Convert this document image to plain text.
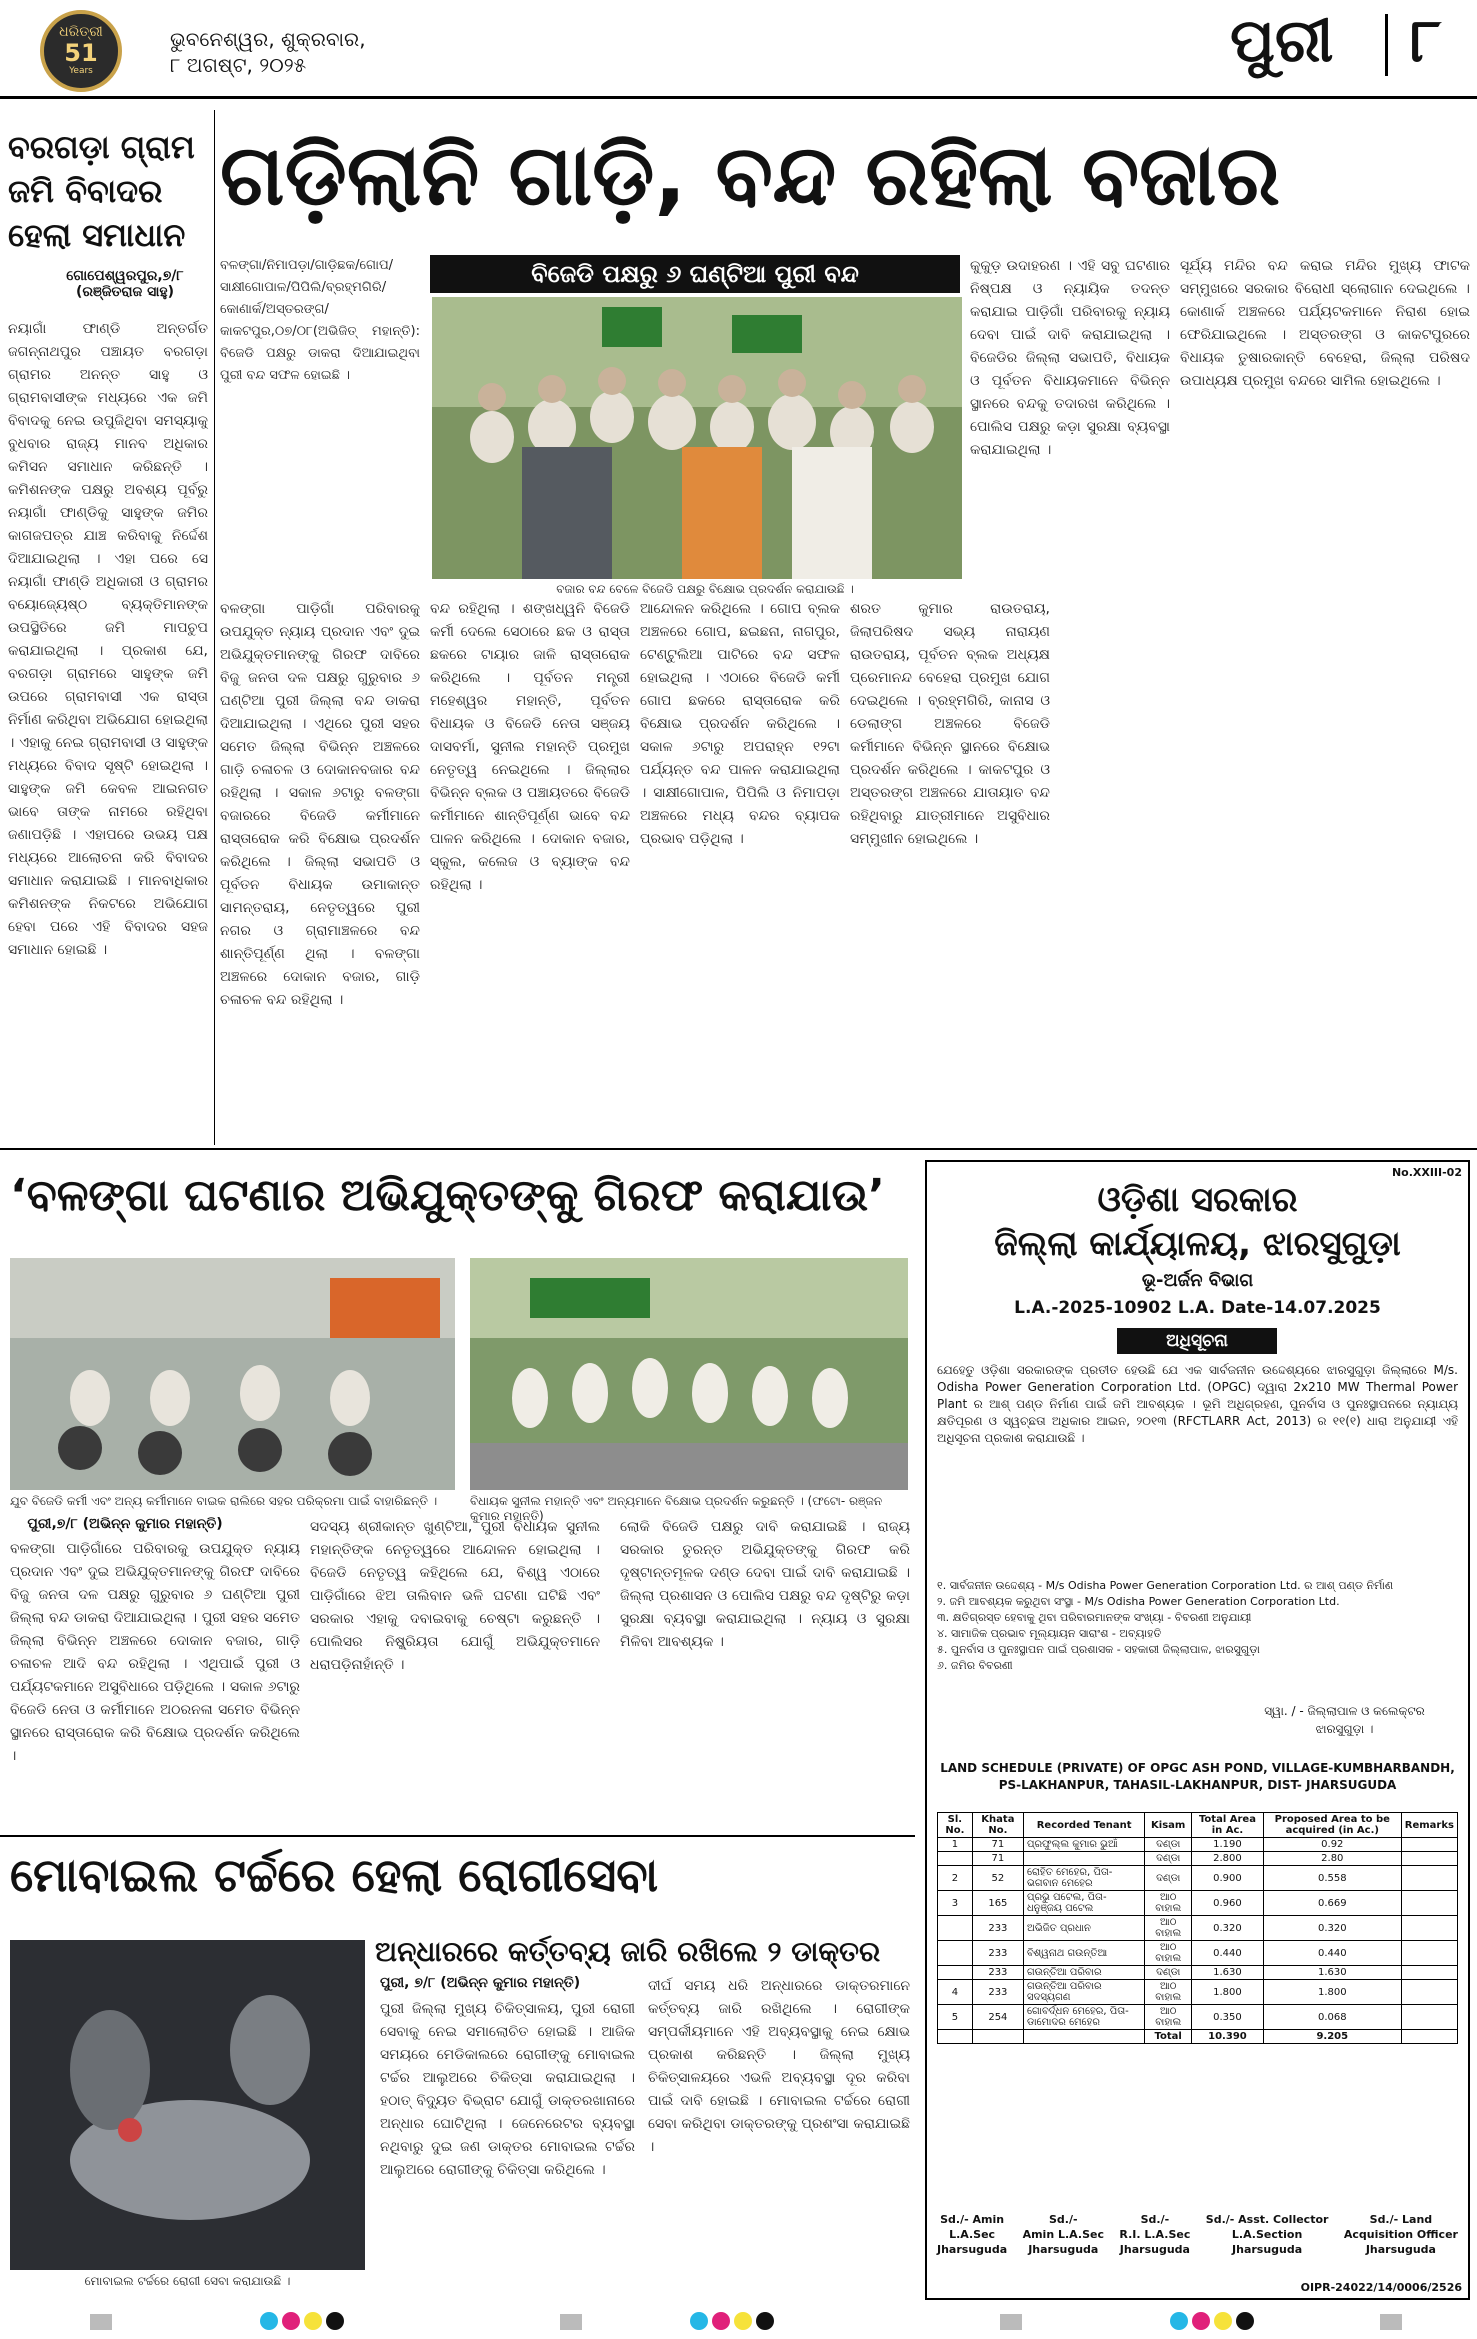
ଧରିତ୍ରୀ
51
Years
ଭୁବନେଶ୍ୱର, ଶୁକ୍ରବାର,
୮ ଅଗଷ୍ଟ, ୨୦୨୫	ପୁରୀ ୮
ବରଗଡ଼ା ଗ୍ରାମ ଜମି ବିବାଦର ହେଲା ସମାଧାନ
ଗୋପେଶ୍ୱରପୁର,୭/୮ (ରଞ୍ଜିତରାଜ ସାହୁ)
ନୟାଗାଁ ଫାଣ୍ଡି ଅନ୍ତର୍ଗତ ଜଗନ୍ନାଥପୁର ପଞ୍ଚାୟତ ବରଗଡ଼ା ଗ୍ରାମର ଅନନ୍ତ ସାହୁ ଓ ଗ୍ରାମବାସୀଙ୍କ ମଧ୍ୟରେ ଏକ ଜମି ବିବାଦକୁ ନେଇ ଉପୁଜିଥିବା ସମସ୍ୟାକୁ ବୁଧବାର ରାଜ୍ୟ ମାନବ ଅଧିକାର କମିସନ ସମାଧାନ କରିଛନ୍ତି । କମିଶନଙ୍କ ପକ୍ଷରୁ ଅବଶ୍ୟ ପୂର୍ବରୁ ନୟାଗାଁ ଫାଣ୍ଡିକୁ ସାହୁଙ୍କ ଜମିର କାଗଜପତ୍ର ଯାଞ୍ଚ କରିବାକୁ ନିର୍ଦ୍ଦେଶ ଦିଆଯାଇଥିଲା । ଏହା ପରେ ସେ ନୟାଗାଁ ଫାଣ୍ଡି ଅଧିକାରୀ ଓ ଗ୍ରାମର ବୟୋଜ୍ୟେଷ୍ଠ ବ୍ୟକ୍ତିମାନଙ୍କ ଉପସ୍ଥିତିରେ ଜମି ମାପଚୁପ କରାଯାଇଥିଲା । ପ୍ରକାଶ ଯେ, ବରଗଡ଼ା ଗ୍ରାମରେ ସାହୁଙ୍କ ଜମି ଉପରେ ଗ୍ରାମବାସୀ ଏକ ରାସ୍ତା ନିର୍ମାଣ କରିଥିବା ଅଭିଯୋଗ ହୋଇଥିଲା । ଏହାକୁ ନେଇ ଗ୍ରାମବାସୀ ଓ ସାହୁଙ୍କ ମଧ୍ୟରେ ବିବାଦ ସୃଷ୍ଟି ହୋଇଥିଲା । ସାହୁଙ୍କ ଜମି କେବଳ ଆଇନଗତ ଭାବେ ତାଙ୍କ ନାମରେ ରହିଥିବା ଜଣାପଡ଼ିଛି । ଏହାପରେ ଉଭୟ ପକ୍ଷ ମଧ୍ୟରେ ଆଲୋଚନା କରି ବିବାଦର ସମାଧାନ କରାଯାଇଛି । ମାନବାଧିକାର କମିଶନଙ୍କ ନିକଟରେ ଅଭିଯୋଗ ହେବା ପରେ ଏହି ବିବାଦର ସହଜ ସମାଧାନ ହୋଇଛି ।
ଗଡ଼ିଲାନି ଗାଡ଼ି, ବନ୍ଦ ରହିଲା ବଜାର
ବିଜେଡି ପକ୍ଷରୁ ୬ ଘଣ୍ଟିଆ ପୁରୀ ବନ୍ଦ
ବଳଙ୍ଗା/ନିମାପଡ଼ା/ଗାଡ଼ିଛକ/ଗୋପ/ସାକ୍ଷୀଗୋପାଳ/ପିପିଲି/ବ୍ରହ୍ମଗିରି/କୋଣାର୍କ/ଅସ୍ତରଙ୍ଗ/କାକଟପୁର,୦୭/୦୮(ଅଭିଜିତ୍ ମହାନ୍ତି): ବିଜେଡି ପକ୍ଷରୁ ଡାକରା ଦିଆଯାଇଥିବା ପୁରୀ ବନ୍ଦ ସଫଳ ହୋଇଛି ।
ବଜାର ବନ୍ଦ ବେଳେ ବିଜେଡି ପକ୍ଷରୁ ବିକ୍ଷୋଭ ପ୍ରଦର୍ଶନ କରାଯାଉଛି ।
ବଳଙ୍ଗା ପାଡ଼ିଗାଁ ପରିବାରକୁ ଉପଯୁକ୍ତ ନ୍ୟାୟ ପ୍ରଦାନ ଏବଂ ଦୁଇ ଅଭିଯୁକ୍ତମାନଙ୍କୁ ଗିରଫ ଦାବିରେ ବିଜୁ ଜନତା ଦଳ ପକ୍ଷରୁ ଗୁରୁବାର ୬ ଘଣ୍ଟିଆ ପୁରୀ ଜିଲ୍ଲା ବନ୍ଦ ଡାକରା ଦିଆଯାଇଥିଲା । ଏଥିରେ ପୁରୀ ସହର ସମେତ ଜିଲ୍ଲା ବିଭିନ୍ନ ଅଞ୍ଚଳରେ ଗାଡ଼ି ଚଳାଚଳ ଓ ଦୋକାନବଜାର ବନ୍ଦ ରହିଥିଲା । ସକାଳ ୬ଟାରୁ ବଳଙ୍ଗା ବଜାରରେ ବିଜେଡି କର୍ମୀମାନେ ରାସ୍ତାରୋକ କରି ବିକ୍ଷୋଭ ପ୍ରଦର୍ଶନ କରିଥିଲେ । ଜିଲ୍ଲା ସଭାପତି ଓ ପୂର୍ବତନ ବିଧାୟକ ଉମାକାନ୍ତ ସାମନ୍ତରାୟ, ନେତୃତ୍ୱରେ ପୁରୀ ନଗର ଓ ଗ୍ରାମାଞ୍ଚଳରେ ବନ୍ଦ ଶାନ୍ତିପୂର୍ଣ୍ଣ ଥିଲା । ବଳଙ୍ଗା ଅଞ୍ଚଳରେ ଦୋକାନ ବଜାର, ଗାଡ଼ି ଚଳାଚଳ ବନ୍ଦ ରହିଥିଲା ।
ବନ୍ଦ ରହିଥିଲା । ଶଙ୍ଖଧ୍ୱନି ବିଜେଡି କର୍ମୀ ଦେଲେ ସେଠାରେ ଛକ ଓ ରାସ୍ତା ଛକରେ ଟାୟାର ଜାଳି ରାସ୍ତାରୋକ କରିଥିଲେ । ପୂର୍ବତନ ମନ୍ତ୍ରୀ ମହେଶ୍ୱର ମହାନ୍ତି, ପୂର୍ବତନ ବିଧାୟକ ଓ ବିଜେଡି ନେତା ସଞ୍ଜୟ ଦାସବର୍ମା, ସୁନୀଲ ମହାନ୍ତି ପ୍ରମୁଖ ନେତୃତ୍ୱ ନେଇଥିଲେ । ଜିଲ୍ଲାର ବିଭିନ୍ନ ବ୍ଲକ ଓ ପଞ୍ଚାୟତରେ ବିଜେଡି କର୍ମୀମାନେ ଶାନ୍ତିପୂର୍ଣ୍ଣ ଭାବେ ବନ୍ଦ ପାଳନ କରିଥିଲେ । ଦୋକାନ ବଜାର, ସ୍କୁଲ, କଲେଜ ଓ ବ୍ୟାଙ୍କ ବନ୍ଦ ରହିଥିଲା ।
ଆନ୍ଦୋଳନ କରିଥିଲେ । ଗୋପ ବ୍ଲକ ଅଞ୍ଚଳରେ ଗୋପ, ଛଇଛନା, ନାଗପୁର, ଟେଣ୍ଟୁଲିଆ ପାଟିରେ ବନ୍ଦ ସଫଳ ହୋଇଥିଲା । ଏଠାରେ ବିଜେଡି କର୍ମୀ ଗୋପ ଛକରେ ରାସ୍ତାରୋକ କରି ବିକ୍ଷୋଭ ପ୍ରଦର୍ଶନ କରିଥିଲେ । ସକାଳ ୬ଟାରୁ ଅପରାହ୍ନ ୧୨ଟା ପର୍ଯ୍ୟନ୍ତ ବନ୍ଦ ପାଳନ କରାଯାଇଥିଲା । ସାକ୍ଷୀଗୋପାଳ, ପିପିଲି ଓ ନିମାପଡ଼ା ଅଞ୍ଚଳରେ ମଧ୍ୟ ବନ୍ଦର ବ୍ୟାପକ ପ୍ରଭାବ ପଡ଼ିଥିଲା ।
ଶରତ କୁମାର ରାଉତରାୟ, ଜିଲାପରିଷଦ ସଭ୍ୟ ନାରାୟଣ ରାଉତରାୟ, ପୂର୍ବତନ ବ୍ଲକ ଅଧ୍ୟକ୍ଷ ପ୍ରେମାନନ୍ଦ ବେହେରା ପ୍ରମୁଖ ଯୋଗ ଦେଇଥିଲେ । ବ୍ରହ୍ମଗିରି, କାନାସ ଓ ଡେଲାଙ୍ଗ ଅଞ୍ଚଳରେ ବିଜେଡି କର୍ମୀମାନେ ବିଭିନ୍ନ ସ୍ଥାନରେ ବିକ୍ଷୋଭ ପ୍ରଦର୍ଶନ କରିଥିଲେ । କାକଟପୁର ଓ ଅସ୍ତରଙ୍ଗ ଅଞ୍ଚଳରେ ଯାତାୟାତ ବନ୍ଦ ରହିଥିବାରୁ ଯାତ୍ରୀମାନେ ଅସୁବିଧାର ସମ୍ମୁଖୀନ ହୋଇଥିଲେ ।
କୁକୁଡ଼ ଉଦାହରଣ । ଏହି ସବୁ ଘଟଣାର ନିଷ୍ପକ୍ଷ ଓ ନ୍ୟାୟିକ ତଦନ୍ତ କରାଯାଇ ପାଡ଼ିଗାଁ ପରିବାରକୁ ନ୍ୟାୟ ଦେବା ପାଇଁ ଦାବି କରାଯାଇଥିଲା । ବିଜେଡିର ଜିଲ୍ଲା ସଭାପତି, ବିଧାୟକ ଓ ପୂର୍ବତନ ବିଧାୟକମାନେ ବିଭିନ୍ନ ସ୍ଥାନରେ ବନ୍ଦକୁ ତଦାରଖ କରିଥିଲେ । ପୋଲିସ ପକ୍ଷରୁ କଡ଼ା ସୁରକ୍ଷା ବ୍ୟବସ୍ଥା କରାଯାଇଥିଲା ।
ସୂର୍ଯ୍ୟ ମନ୍ଦିର ବନ୍ଦ କରାଇ ମନ୍ଦିର ମୁଖ୍ୟ ଫାଟକ ସମ୍ମୁଖରେ ସରକାର ବିରୋଧୀ ସ୍ଲୋଗାନ ଦେଇଥିଲେ । କୋଣାର୍କ ଅଞ୍ଚଳରେ ପର୍ଯ୍ୟଟକମାନେ ନିରାଶ ହୋଇ ଫେରିଯାଇଥିଲେ । ଅସ୍ତରଙ୍ଗ ଓ କାକଟପୁରରେ ବିଧାୟକ ତୁଷାରକାନ୍ତି ବେହେରା, ଜିଲ୍ଲା ପରିଷଦ ଉପାଧ୍ୟକ୍ଷ ପ୍ରମୁଖ ବନ୍ଦରେ ସାମିଲ ହୋଇଥିଲେ ।
‘ବଳଙ୍ଗା ଘଟଣାର ଅଭିଯୁକ୍ତଙ୍କୁ ଗିରଫ କରାଯାଉ’
ଯୁବ ବିଜେଡି କର୍ମୀ ଏବଂ ଅନ୍ୟ କର୍ମୀମାନେ ବାଇକ ରାଲିରେ ସହର ପରିକ୍ରମା ପାଇଁ ବାହାରିଛନ୍ତି ।	ବିଧାୟକ ସୁନୀଲ ମହାନ୍ତି ଏବଂ ଅନ୍ୟମାନେ ବିକ୍ଷୋଭ ପ୍ରଦର୍ଶନ କରୁଛନ୍ତି । (ଫଟୋ- ରଞ୍ଜନ କୁମାର ମହାନ୍ତି)
ପୁରୀ,୭/୮ (ଅଭିନ୍ନ କୁମାର ମହାନ୍ତି)
ବଳଙ୍ଗା ପାଡ଼ିଗାଁରେ ପରିବାରକୁ ଉପଯୁକ୍ତ ନ୍ୟାୟ ପ୍ରଦାନ ଏବଂ ଦୁଇ ଅଭିଯୁକ୍ତମାନଙ୍କୁ ଗିରଫ ଦାବିରେ ବିଜୁ ଜନତା ଦଳ ପକ୍ଷରୁ ଗୁରୁବାର ୬ ଘଣ୍ଟିଆ ପୁରୀ ଜିଲ୍ଲା ବନ୍ଦ ଡାକରା ଦିଆଯାଇଥିଲା । ପୁରୀ ସହର ସମେତ ଜିଲ୍ଲା ବିଭିନ୍ନ ଅଞ୍ଚଳରେ ଦୋକାନ ବଜାର, ଗାଡ଼ି ଚଳାଚଳ ଆଦି ବନ୍ଦ ରହିଥିଲା । ଏଥିପାଇଁ ପୁରୀ ଓ ପର୍ଯ୍ୟଟକମାନେ ଅସୁବିଧାରେ ପଡ଼ିଥିଲେ । ସକାଳ ୬ଟାରୁ ବିଜେଡି ନେତା ଓ କର୍ମୀମାନେ ଅଠରନଳା ସମେତ ବିଭିନ୍ନ ସ୍ଥାନରେ ରାସ୍ତାରୋକ କରି ବିକ୍ଷୋଭ ପ୍ରଦର୍ଶନ କରିଥିଲେ ।
ସଦସ୍ୟ ଶ୍ରୀକାନ୍ତ ଖୁଣ୍ଟିଆ, ପୁରୀ ବିଧାୟକ ସୁନୀଲ ମହାନ୍ତିଙ୍କ ନେତୃତ୍ୱରେ ଆନ୍ଦୋଳନ ହୋଇଥିଲା । ବିଜେଡି ନେତୃତ୍ୱ କହିଥିଲେ ଯେ, ବିଶ୍ୱ ଏଠାରେ ପାଡ଼ିଗାଁରେ ଝିଅ ତାଲିବାନ ଭଳି ଘଟଣା ଘଟିଛି ଏବଂ ସରକାର ଏହାକୁ ଦବାଇବାକୁ ଚେଷ୍ଟା କରୁଛନ୍ତି । ପୋଲିସର ନିଷ୍କ୍ରିୟତା ଯୋଗୁଁ ଅଭିଯୁକ୍ତମାନେ ଧରାପଡ଼ିନାହାଁନ୍ତି ।
ଲୋକି ବିଜେଡି ପକ୍ଷରୁ ଦାବି କରାଯାଇଛି । ରାଜ୍ୟ ସରକାର ତୁରନ୍ତ ଅଭିଯୁକ୍ତଙ୍କୁ ଗିରଫ କରି ଦୃଷ୍ଟାନ୍ତମୂଳକ ଦଣ୍ଡ ଦେବା ପାଇଁ ଦାବି କରାଯାଇଛି । ଜିଲ୍ଲା ପ୍ରଶାସନ ଓ ପୋଲିସ ପକ୍ଷରୁ ବନ୍ଦ ଦୃଷ୍ଟିରୁ କଡ଼ା ସୁରକ୍ଷା ବ୍ୟବସ୍ଥା କରାଯାଇଥିଲା । ନ୍ୟାୟ ଓ ସୁରକ୍ଷା ମିଳିବା ଆବଶ୍ୟକ ।
ମୋବାଇଲ ଟର୍ଚ୍ଚରେ ହେଲା ରୋଗୀସେବା
ମୋବାଇଲ ଟର୍ଚ୍ଚରେ ରୋଗୀ ସେବା କରାଯାଉଛି ।
ଅନ୍ଧାରରେ କର୍ତ୍ତବ୍ୟ ଜାରି ରଖିଲେ ୨ ଡାକ୍ତର
ପୁରୀ, ୭/୮ (ଅଭିନ୍ନ କୁମାର ମହାନ୍ତି)
ପୁରୀ ଜିଲ୍ଲା ମୁଖ୍ୟ ଚିକିତ୍ସାଳୟ, ପୁରୀ ରୋଗୀ ସେବାକୁ ନେଇ ସମାଲୋଚିତ ହୋଇଛି । ଆଜିକ ସମୟରେ ମେଡିକାଲରେ ରୋଗୀଙ୍କୁ ମୋବାଇଲ ଟର୍ଚ୍ଚର ଆଲୁଅରେ ଚିକିତ୍ସା କରାଯାଇଥିଲା । ହଠାତ୍ ବିଦ୍ୟୁତ ବିଭ୍ରାଟ ଯୋଗୁଁ ଡାକ୍ତରଖାନାରେ ଅନ୍ଧାର ଘୋଟିଥିଲା । ଜେନେରେଟର ବ୍ୟବସ୍ଥା ନଥିବାରୁ ଦୁଇ ଜଣ ଡାକ୍ତର ମୋବାଇଲ ଟର୍ଚ୍ଚର ଆଲୁଅରେ ରୋଗୀଙ୍କୁ ଚିକିତ୍ସା କରିଥିଲେ ।
ଦୀର୍ଘ ସମୟ ଧରି ଅନ୍ଧାରରେ ଡାକ୍ତରମାନେ କର୍ତ୍ତବ୍ୟ ଜାରି ରଖିଥିଲେ । ରୋଗୀଙ୍କ ସମ୍ପର୍କୀୟମାନେ ଏହି ଅବ୍ୟବସ୍ଥାକୁ ନେଇ କ୍ଷୋଭ ପ୍ରକାଶ କରିଛନ୍ତି । ଜିଲ୍ଲା ମୁଖ୍ୟ ଚିକିତ୍ସାଳୟରେ ଏଭଳି ଅବ୍ୟବସ୍ଥା ଦୂର କରିବା ପାଇଁ ଦାବି ହୋଇଛି । ମୋବାଇଲ ଟର୍ଚ୍ଚରେ ରୋଗୀ ସେବା କରିଥିବା ଡାକ୍ତରଙ୍କୁ ପ୍ରଶଂସା କରାଯାଇଛି ।
No.XXIII-02
ଓଡ଼ିଶା ସରକାର
ଜିଲ୍ଲା କାର୍ଯ୍ୟାଳୟ, ଝାରସୁଗୁଡ଼ା
ଭୂ-ଅର୍ଜନ ବିଭାଗ
L.A.-2025-10902 L.A. Date-14.07.2025
ଅଧିସୂଚନା
ଯେହେତୁ ଓଡ଼ିଶା ସରକାରଙ୍କ ପ୍ରତୀତ ହେଉଛି ଯେ ଏକ ସାର୍ବଜନୀନ ଉଦ୍ଦେଶ୍ୟରେ ଝାରସୁଗୁଡ଼ା ଜିଲ୍ଲାରେ M/s. Odisha Power Generation Corporation Ltd. (OPGC) ଦ୍ୱାରା 2x210 MW Thermal Power Plant ର ଆଶ୍ ପଣ୍ଡ ନିର୍ମାଣ ପାଇଁ ଜମି ଆବଶ୍ୟକ । ଭୂମି ଅଧିଗ୍ରହଣ, ପୁନର୍ବାସ ଓ ପୁନଃସ୍ଥାପନରେ ନ୍ୟାଯ୍ୟ କ୍ଷତିପୂରଣ ଓ ସ୍ୱଚ୍ଛତା ଅଧିକାର ଆଇନ, ୨୦୧୩ (RFCTLARR Act, 2013) ର ୧୧(୧) ଧାରା ଅନୁଯାୟୀ ଏହି ଅଧିସୂଚନା ପ୍ରକାଶ କରାଯାଉଛି ।
୧. ସାର୍ବଜନୀନ ଉଦ୍ଦେଶ୍ୟ - M/s Odisha Power Generation Corporation Ltd. ର ଆଶ୍ ପଣ୍ଡ ନିର୍ମାଣ
୨. ଜମି ଆବଶ୍ୟକ କରୁଥିବା ସଂସ୍ଥା - M/s Odisha Power Generation Corporation Ltd.
୩. କ୍ଷତିଗ୍ରସ୍ତ ହେବାକୁ ଥିବା ପରିବାରମାନଙ୍କ ସଂଖ୍ୟା - ବିବରଣୀ ଅନୁଯାୟୀ
୪. ସାମାଜିକ ପ୍ରଭାବ ମୂଲ୍ୟାୟନ ସାରାଂଶ - ଅବ୍ୟାହତି
୫. ପୁନର୍ବାସ ଓ ପୁନଃସ୍ଥାପନ ପାଇଁ ପ୍ରଶାସକ - ସହକାରୀ ଜିଲ୍ଲାପାଳ, ଝାରସୁଗୁଡ଼ା
୬. ଜମିର ବିବରଣୀ
ସ୍ୱା. / - ଜିଲ୍ଲାପାଳ ଓ କଲେକ୍ଟର
ଝାରସୁଗୁଡ଼ା ।
LAND SCHEDULE (PRIVATE) OF OPGC ASH POND, VILLAGE-KUMBHARBANDH, PS-LAKHANPUR, TAHASIL-LAKHANPUR, DIST- JHARSUGUDA
Sl. No.	Khata No.	Recorded Tenant	Kisam	Total Area in Ac.	Proposed Area to be acquired (in Ac.)	Remarks
1	71	ପ୍ରଫୁଲ୍ଲ କୁମାର ଭୁଆଁ	ଦଣ୍ଡା	1.190	0.92	
	71		ଦଣ୍ଡା	2.800	2.80	
2	52	ରୋହିତ ମେହେର, ପିତା- ଭଗବାନ ମେହେର	ଦଣ୍ଡା	0.900	0.558	
3	165	ପ୍ରଭୁ ପଟେଲ, ପିତା- ଧନୁଞ୍ଜୟ ପଟେଲ	ଆଠ ବାହାଲ	0.960	0.669	
	233	ଅଭିଜିତ ପ୍ରଧାନ	ଆଠ ବାହାଲ	0.320	0.320	
	233	ବିଶ୍ୱନାଥ ଗଉନ୍ତିଆ	ଆଠ ବାହାଲ	0.440	0.440	
	233	ଗଉନ୍ତିଆ ପରିବାର	ଦଣ୍ଡା	1.630	1.630	
4	233	ଗଉନ୍ତିଆ ପରିବାର ସଦସ୍ୟଗଣ	ଆଠ ବାହାଲ	1.800	1.800	
5	254	ଗୋବର୍ଦ୍ଧନ ମେହେର, ପିତା- ଡାମୋଦର ମେହେର	ଆଠ ବାହାଲ	0.350	0.068	
			Total	10.390	9.205	
Sd./- Amin
L.A.Sec
Jharsuguda
Sd./-
Amin L.A.Sec
Jharsuguda
Sd./-
R.I. L.A.Sec
Jharsuguda
Sd./- Asst. Collector
L.A.Section
Jharsuguda
Sd./- Land
Acquisition Officer
Jharsuguda
OIPR-24022/14/0006/2526
